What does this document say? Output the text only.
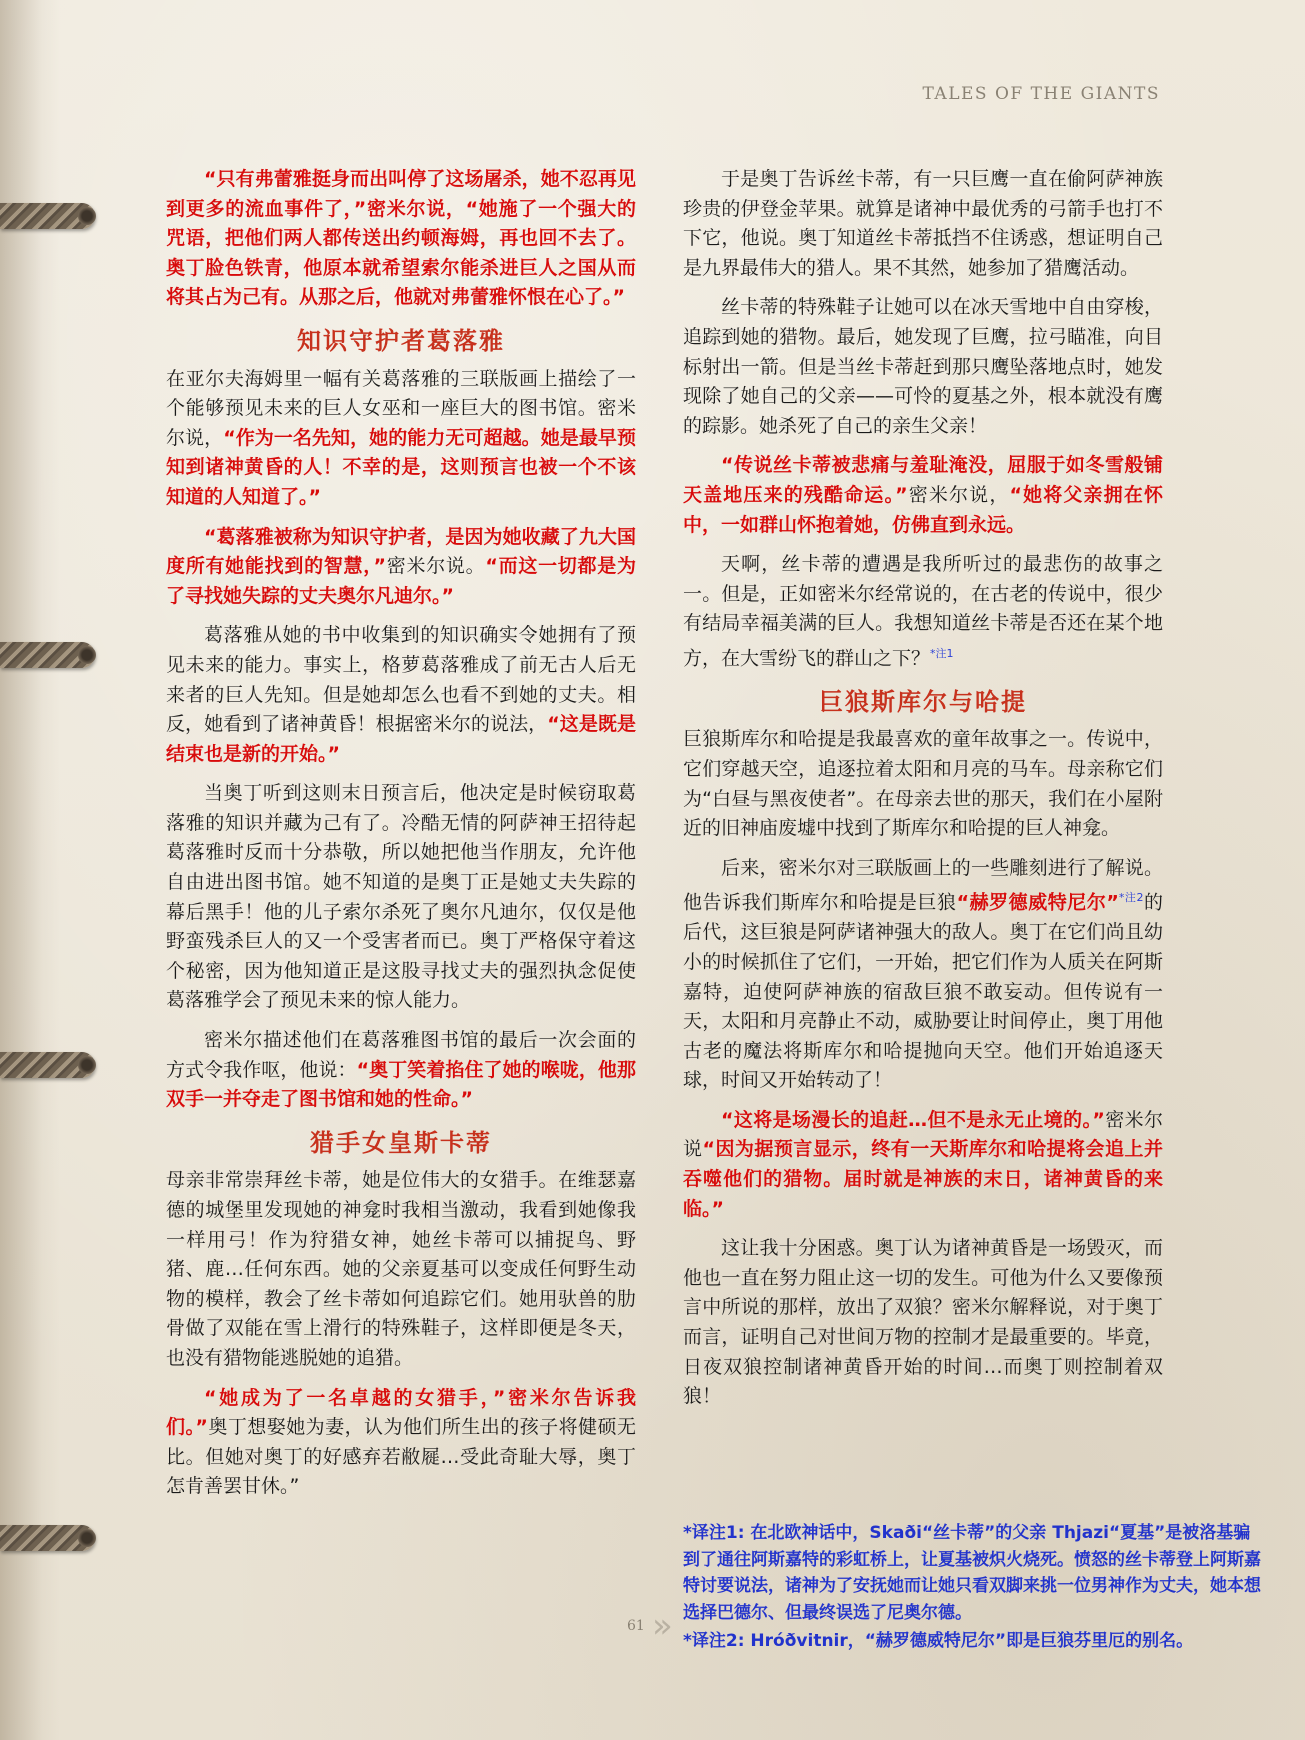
TALES OF THE GIANTS

“只有弗蕾雅挺身而出叫停了这场屠杀，她不忍再见到更多的流血事件了，”密米尔说，“她施了一个强大的咒语，把他们两人都传送出约顿海姆，再也回不去了。奥丁脸色铁青，他原本就希望索尔能杀进巨人之国从而将其占为己有。从那之后，他就对弗蕾雅怀恨在心了。”

知识守护者葛落雅

在亚尔夫海姆里一幅有关葛落雅的三联版画上描绘了一个能够预见未来的巨人女巫和一座巨大的图书馆。密米尔说，“作为一名先知，她的能力无可超越。她是最早预知到诸神黄昏的人！不幸的是，这则预言也被一个不该知道的人知道了。”

“葛落雅被称为知识守护者，是因为她收藏了九大国度所有她能找到的智慧，”密米尔说。“而这一切都是为了寻找她失踪的丈夫奥尔凡迪尔。”

葛落雅从她的书中收集到的知识确实令她拥有了预见未来的能力。事实上，格萝葛落雅成了前无古人后无来者的巨人先知。但是她却怎么也看不到她的丈夫。相反，她看到了诸神黄昏！根据密米尔的说法，“这是既是结束也是新的开始。”

当奥丁听到这则末日预言后，他决定是时候窃取葛落雅的知识并藏为己有了。冷酷无情的阿萨神王招待起葛落雅时反而十分恭敬，所以她把他当作朋友，允许他自由进出图书馆。她不知道的是奥丁正是她丈夫失踪的幕后黑手！他的儿子索尔杀死了奥尔凡迪尔，仅仅是他野蛮残杀巨人的又一个受害者而已。奥丁严格保守着这个秘密，因为他知道正是这股寻找丈夫的强烈执念促使葛落雅学会了预见未来的惊人能力。

密米尔描述他们在葛落雅图书馆的最后一次会面的方式令我作呕，他说：“奥丁笑着掐住了她的喉咙，他那双手一并夺走了图书馆和她的性命。”

猎手女皇斯卡蒂

母亲非常崇拜丝卡蒂，她是位伟大的女猎手。在维瑟嘉德的城堡里发现她的神龛时我相当激动，我看到她像我一样用弓！作为狩猎女神，她丝卡蒂可以捕捉鸟、野猪、鹿…任何东西。她的父亲夏基可以变成任何野生动物的模样，教会了丝卡蒂如何追踪它们。她用驮兽的肋骨做了双能在雪上滑行的特殊鞋子，这样即便是冬天，也没有猎物能逃脱她的追猎。

“她成为了一名卓越的女猎手，”密米尔告诉我们。”奥丁想娶她为妻，认为他们所生出的孩子将健硕无比。但她对奥丁的好感弃若敝屣…受此奇耻大辱，奥丁怎肯善罢甘休。”

于是奥丁告诉丝卡蒂，有一只巨鹰一直在偷阿萨神族珍贵的伊登金苹果。就算是诸神中最优秀的弓箭手也打不下它，他说。奥丁知道丝卡蒂抵挡不住诱惑，想证明自己是九界最伟大的猎人。果不其然，她参加了猎鹰活动。

丝卡蒂的特殊鞋子让她可以在冰天雪地中自由穿梭，追踪到她的猎物。最后，她发现了巨鹰，拉弓瞄准，向目标射出一箭。但是当丝卡蒂赶到那只鹰坠落地点时，她发现除了她自己的父亲——可怜的夏基之外，根本就没有鹰的踪影。她杀死了自己的亲生父亲！

“传说丝卡蒂被悲痛与羞耻淹没，屈服于如冬雪般铺天盖地压来的残酷命运。”密米尔说，“她将父亲拥在怀中，一如群山怀抱着她，仿佛直到永远。

天啊，丝卡蒂的遭遇是我所听过的最悲伤的故事之一。但是，正如密米尔经常说的，在古老的传说中，很少有结局幸福美满的巨人。我想知道丝卡蒂是否还在某个地方，在大雪纷飞的群山之下？$^{*注1}$

巨狼斯库尔与哈提

巨狼斯库尔和哈提是我最喜欢的童年故事之一。传说中，它们穿越天空，追逐拉着太阳和月亮的马车。母亲称它们为“白昼与黑夜使者”。在母亲去世的那天，我们在小屋附近的旧神庙废墟中找到了斯库尔和哈提的巨人神龛。

后来，密米尔对三联版画上的一些雕刻进行了解说。他告诉我们斯库尔和哈提是巨狼“赫罗德威特尼尔”$^{*注2}$的后代，这巨狼是阿萨诸神强大的敌人。奥丁在它们尚且幼小的时候抓住了它们，一开始，把它们作为人质关在阿斯嘉特，迫使阿萨神族的宿敌巨狼不敢妄动。但传说有一天，太阳和月亮静止不动，威胁要让时间停止，奥丁用他古老的魔法将斯库尔和哈提抛向天空。他们开始追逐天球，时间又开始转动了！

“这将是场漫长的追赶…但不是永无止境的。”密米尔说“因为据预言显示，终有一天斯库尔和哈提将会追上并吞噬他们的猎物。届时就是神族的末日，诸神黄昏的来临。”

这让我十分困惑。奥丁认为诸神黄昏是一场毁灭，而他也一直在努力阻止这一切的发生。可他为什么又要像预言中所说的那样，放出了双狼？密米尔解释说，对于奥丁而言，证明自己对世间万物的控制才是最重要的。毕竟，日夜双狼控制诸神黄昏开始的时间…而奥丁则控制着双狼！

*译注1: 在北欧神话中，Skaði“丝卡蒂”的父亲 Thjazi“夏基”是被洛基骗到了通往阿斯嘉特的彩虹桥上，让夏基被炽火烧死。愤怒的丝卡蒂登上阿斯嘉特讨要说法，诸神为了安抚她而让她只看双脚来挑一位男神作为丈夫，她本想选择巴德尔、但最终误选了尼奥尔德。
*译注2: Hróðvitnir，“赫罗德威特尼尔”即是巨狼芬里厄的别名。
61 »
